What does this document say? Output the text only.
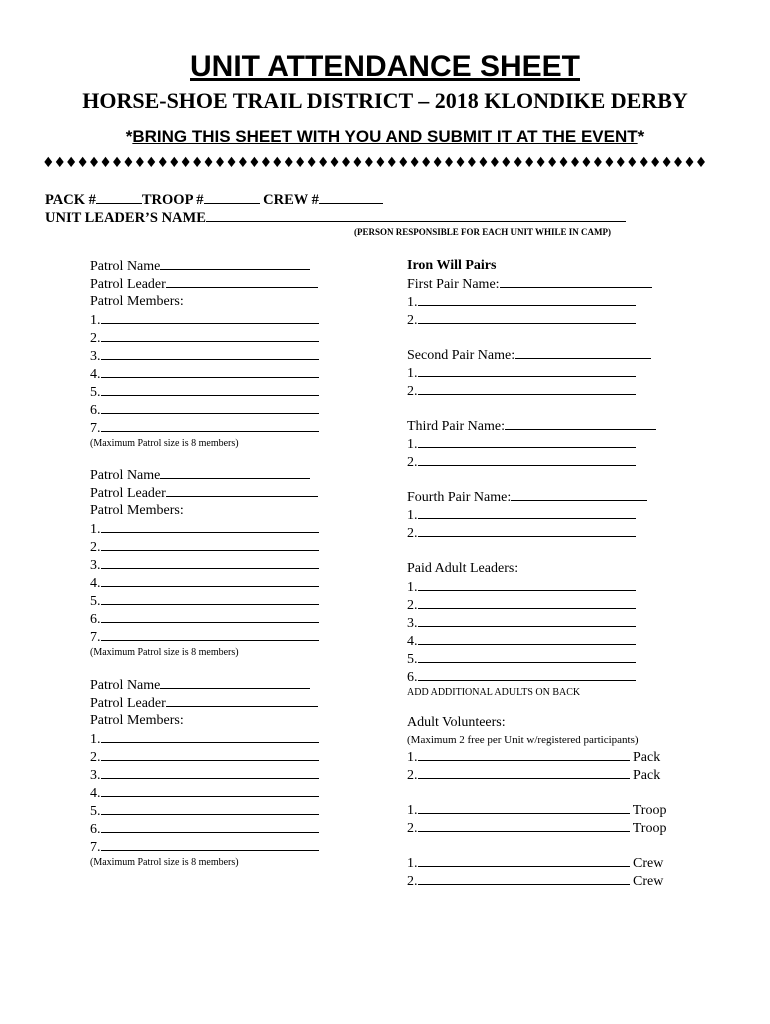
UNIT ATTENDANCE SHEET
HORSE-SHOE TRAIL DISTRICT – 2018 KLONDIKE DERBY
*BRING THIS SHEET WITH YOU AND SUBMIT IT AT THE EVENT*
♦♦♦♦♦♦♦♦♦♦♦♦♦♦♦♦♦♦♦♦♦♦♦♦♦♦♦♦♦♦♦♦♦♦♦♦♦♦♦♦♦♦♦♦♦♦♦♦♦♦♦♦♦♦♦♦♦♦
PACK #	TROOP #	CREW #
UNIT LEADER’S NAME
(PERSON RESPONSIBLE FOR EACH UNIT WHILE IN CAMP)
Patrol Name
Patrol Leader
Patrol Members:
1.
2.
3.
4.
5.
6.
7.
(Maximum Patrol size is 8 members)
Patrol Name
Patrol Leader
Patrol Members:
1.
2.
3.
4.
5.
6.
7.
(Maximum Patrol size is 8 members)
Patrol Name
Patrol Leader
Patrol Members:
1.
2.
3.
4.
5.
6.
7.
(Maximum Patrol size is 8 members)
Iron Will Pairs
First Pair Name:
1.
2.
Second Pair Name:
1.
2.
Third Pair Name:
1.
2.
Fourth Pair Name:
1.
2.
Paid Adult Leaders:
1.
2.
3.
4.
5.
6.
ADD ADDITIONAL ADULTS ON BACK
Adult Volunteers:
(Maximum 2 free per Unit w/registered participants)
1.	Pack
2.	Pack
1.	Troop
2.	Troop
1.	Crew
2.	Crew
